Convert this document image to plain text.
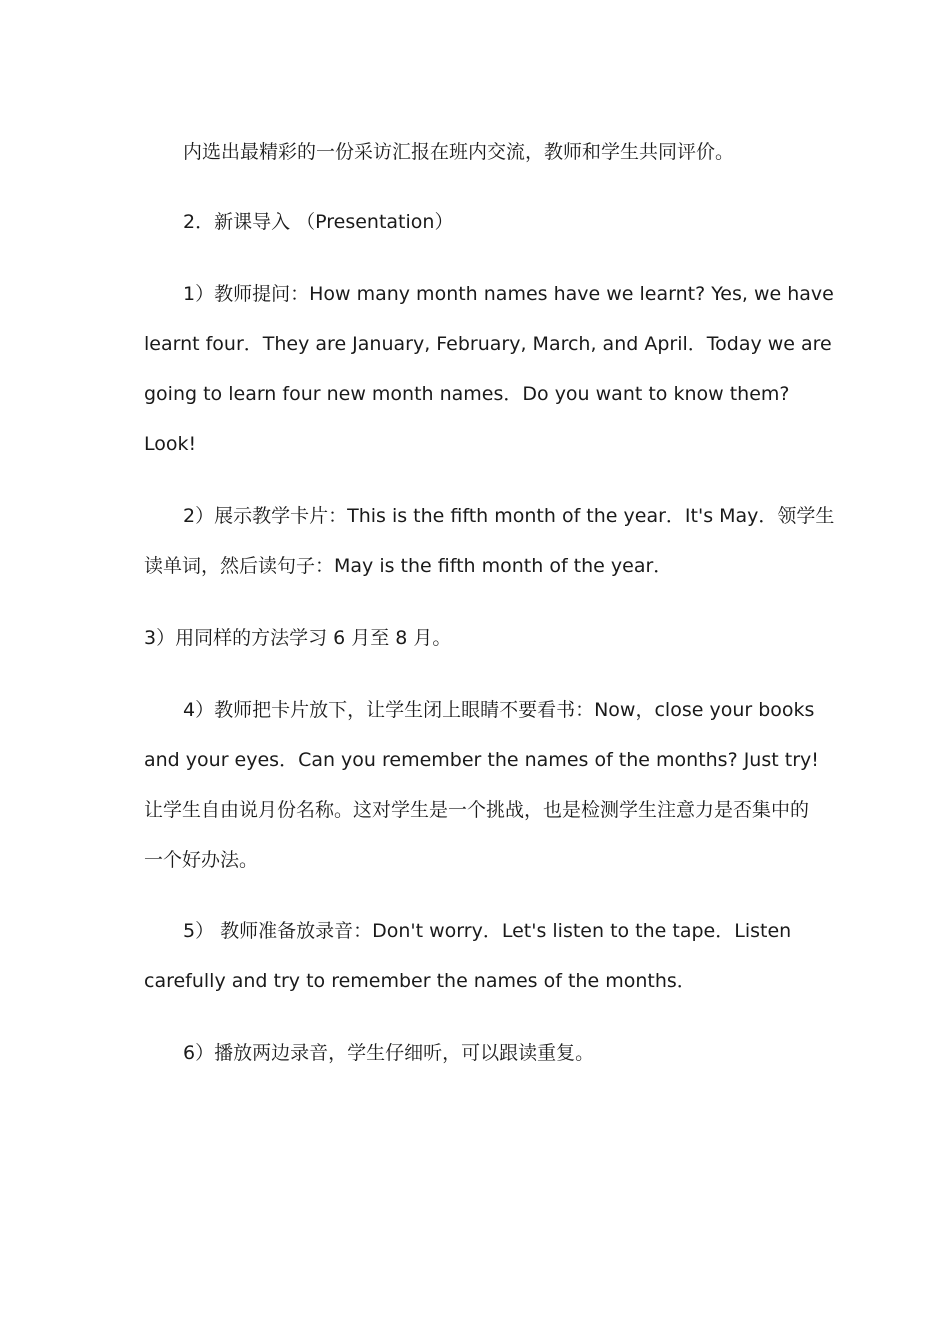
内选出最精彩的一份采访汇报在班内交流，教师和学生共同评价。
2．新课导入 （Presentation）
1）教师提问：How many month names have we learnt? Yes, we have
learnt four．They are January, February, March, and April．Today we are
going to learn four new month names．Do you want to know them?
Look!
2）展示教学卡片：This is the fifth month of the year．It's May．领学生
读单词，然后读句子：May is the fifth month of the year．
3）用同样的方法学习 6 月至 8 月。
4）教师把卡片放下，让学生闭上眼睛不要看书：Now，close your books
and your eyes．Can you remember the names of the months? Just try!
让学生自由说月份名称。这对学生是一个挑战，也是检测学生注意力是否集中的
一个好办法。
5） 教师准备放录音：Don't worry．Let's listen to the tape．Listen
carefully and try to remember the names of the months．
6）播放两边录音，学生仔细听，可以跟读重复。
